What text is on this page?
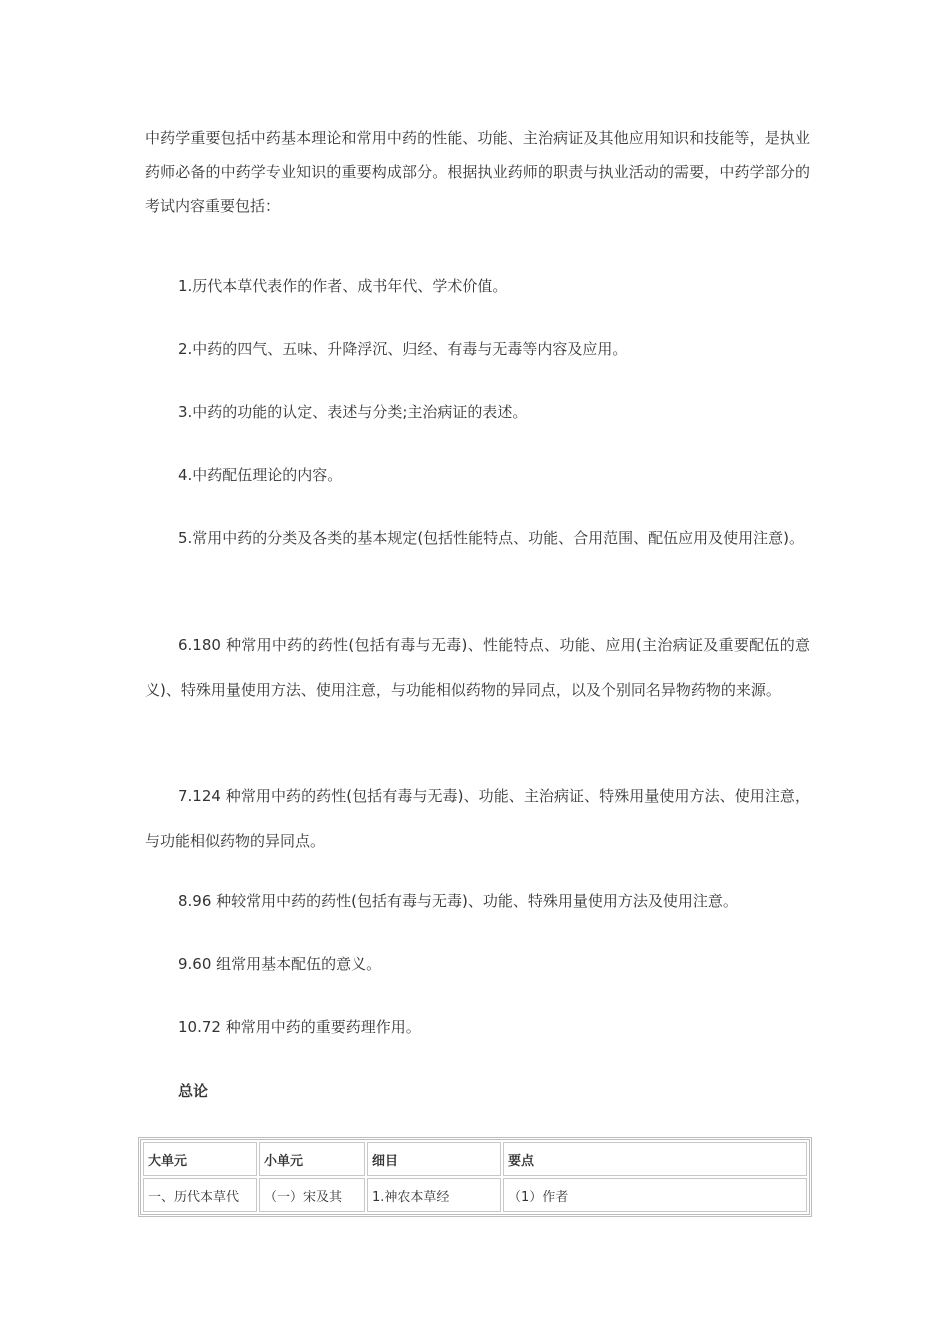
中药学重要包括中药基本理论和常用中药的性能、功能、主治病证及其他应用知识和技能等，是执业药师必备的中药学专业知识的重要构成部分。根据执业药师的职责与执业活动的需要，中药学部分的考试内容重要包括：

1.历代本草代表作的作者、成书年代、学术价值。

2.中药的四气、五味、升降浮沉、归经、有毒与无毒等内容及应用。

3.中药的功能的认定、表述与分类;主治病证的表述。

4.中药配伍理论的内容。

5.常用中药的分类及各类的基本规定(包括性能特点、功能、合用范围、配伍应用及使用注意)。

6.180 种常用中药的药性(包括有毒与无毒)、性能特点、功能、应用(主治病证及重要配伍的意义)、特殊用量使用方法、使用注意，与功能相似药物的异同点，以及个别同名异物药物的来源。

7.124 种常用中药的药性(包括有毒与无毒)、功能、主治病证、特殊用量使用方法、使用注意，与功能相似药物的异同点。

8.96 种较常用中药的药性(包括有毒与无毒)、功能、特殊用量使用方法及使用注意。

9.60 组常用基本配伍的意义。

10.72 种常用中药的重要药理作用。

总论

大单元	小单元	细目	要点
一、历代本草代	（一）宋及其	1.神农本草经	（1）作者
